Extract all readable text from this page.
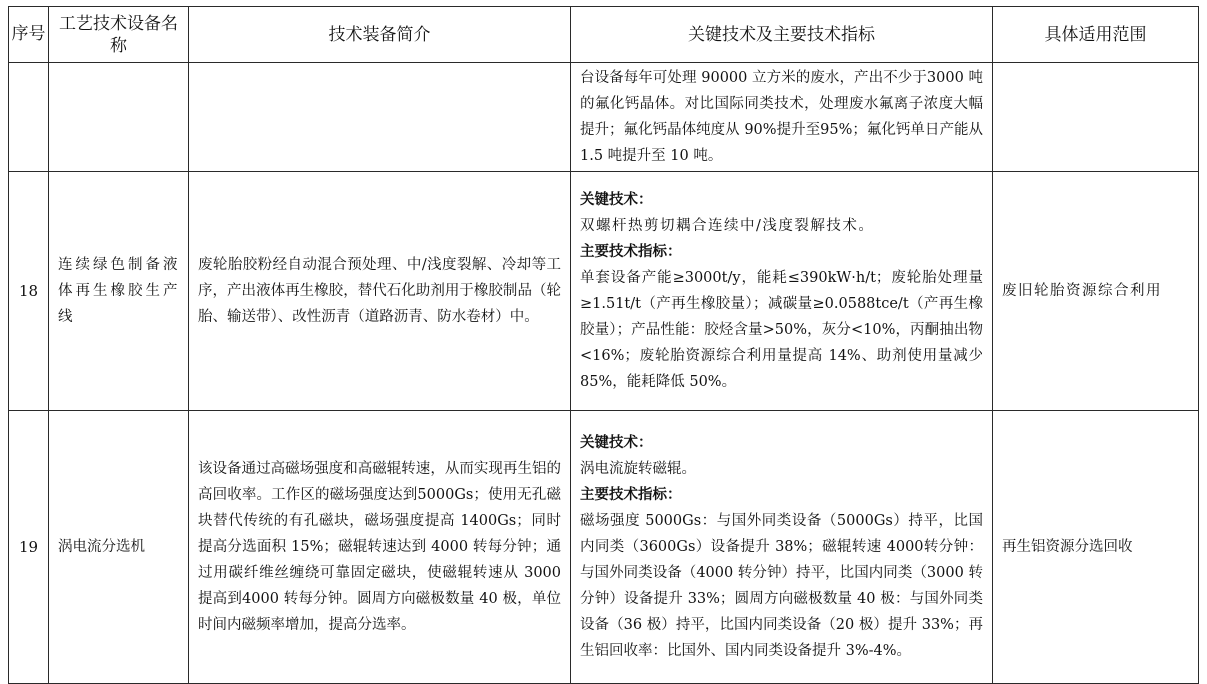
序号	工艺技术设备名称	技术装备简介	关键技术及主要技术指标	具体适用范围

			台设备每年可处理 90000 立方米的废水，产出不少于3000 吨的氟化钙晶体。对比国际同类技术，处理废水氟离子浓度大幅提升；氟化钙晶体纯度从 90%提升至95%；氟化钙单日产能从 1.5 吨提升至 10 吨。	

18	连续绿色制备液体再生橡胶生产线	废轮胎胶粉经自动混合预处理、中/浅度裂解、冷却等工序，产出液体再生橡胶，替代石化助剂用于橡胶制品（轮胎、输送带）、改性沥青（道路沥青、防水卷材）中。	关键技术：
双螺杆热剪切耦合连续中/浅度裂解技术。
主要技术指标：
单套设备产能≥3000t/y，能耗≤390kW·h/t；废轮胎处理量≥1.51t/t（产再生橡胶量）；减碳量≥0.0588tce/t（产再生橡胶量）；产品性能：胶烃含量>50%，灰分<10%，丙酮抽出物<16%；废轮胎资源综合利用量提高 14%、助剂使用量减少 85%，能耗降低 50%。	废旧轮胎资源综合利用
19	涡电流分选机	该设备通过高磁场强度和高磁辊转速，从而实现再生铝的高回收率。工作区的磁场强度达到5000Gs；使用无孔磁块替代传统的有孔磁块，磁场强度提高 1400Gs；同时提高分选面积 15%；磁辊转速达到 4000 转每分钟；通过用碳纤维丝缠绕可靠固定磁块，使磁辊转速从 3000 提高到4000 转每分钟。圆周方向磁极数量 40 极，单位时间内磁频率增加，提高分选率。	关键技术：
涡电流旋转磁辊。
主要技术指标：
磁场强度 5000Gs：与国外同类设备（5000Gs）持平，比国内同类（3600Gs）设备提升 38%；磁辊转速 4000转分钟：与国外同类设备（4000 转分钟）持平，比国内同类（3000 转分钟）设备提升 33%；圆周方向磁极数量 40 极：与国外同类设备（36 极）持平，比国内同类设备（20 极）提升 33%；再生铝回收率：比国外、国内同类设备提升 3%-4%。	再生铝资源分选回收
